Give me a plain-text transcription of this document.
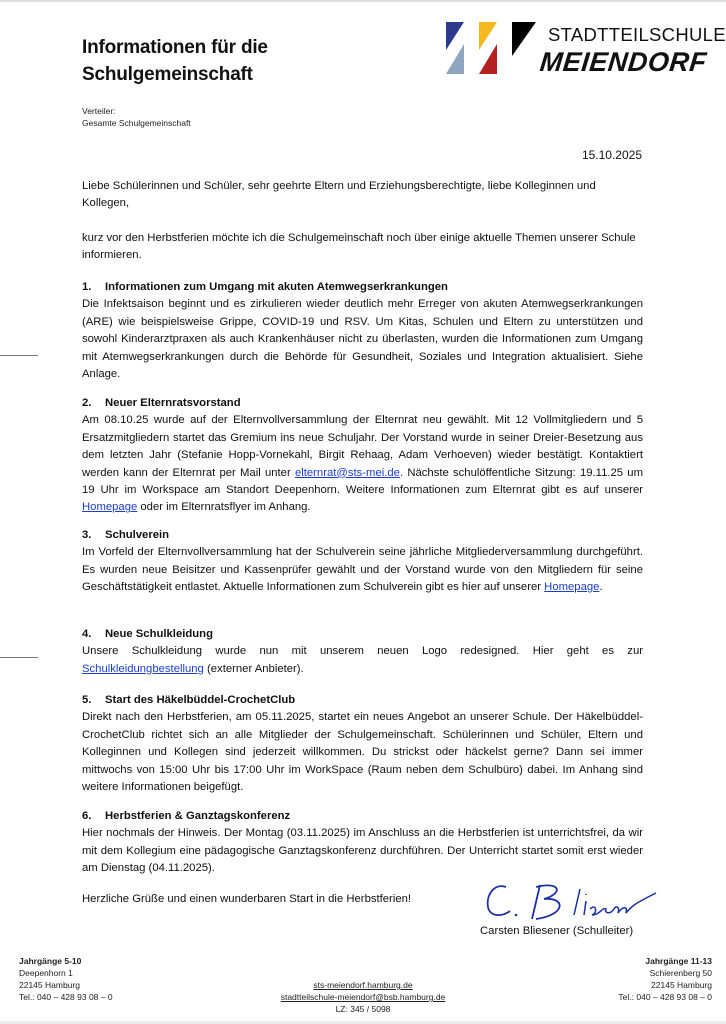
Informationen für die
Schulgemeinschaft
Verteiler:
Gesamte Schulgemeinschaft
STADTTEILSCHULE
MEIENDORF
15.10.2025
Liebe Schülerinnen und Schüler, sehr geehrte Eltern und Erziehungsberechtigte, liebe Kolleginnen und Kollegen,
kurz vor den Herbstferien möchte ich die Schulgemeinschaft noch über einige aktuelle Themen unserer Schule informieren.
1. Informationen zum Umgang mit akuten Atemwegserkrankungen
Die Infektsaison beginnt und es zirkulieren wieder deutlich mehr Erreger von akuten Atemwegserkrankungen (ARE) wie beispielsweise Grippe, COVID-19 und RSV. Um Kitas, Schulen und Eltern zu unterstützen und sowohl Kinderarztpraxen als auch Krankenhäuser nicht zu überlasten, wurden die Informationen zum Umgang mit Atemwegserkrankungen durch die Behörde für Gesundheit, Soziales und Integration aktualisiert. Siehe Anlage.
2. Neuer Elternratsvorstand
Am 08.10.25 wurde auf der Elternvollversammlung der Elternrat neu gewählt. Mit 12 Vollmitgliedern und 5 Ersatzmitgliedern startet das Gremium ins neue Schuljahr. Der Vorstand wurde in seiner Dreier-Besetzung aus dem letzten Jahr (Stefanie Hopp-Vornekahl, Birgit Rehaag, Adam Verhoeven) wieder bestätigt. Kontaktiert werden kann der Elternrat per Mail unter elternrat@sts-mei.de. Nächste schulöffentliche Sitzung: 19.11.25 um 19 Uhr im Workspace am Standort Deepenhorn. Weitere Informationen zum Elternrat gibt es auf unserer Homepage oder im Elternratsflyer im Anhang.
3. Schulverein
Im Vorfeld der Elternvollversammlung hat der Schulverein seine jährliche Mitgliederversammlung durchgeführt. Es wurden neue Beisitzer und Kassenprüfer gewählt und der Vorstand wurde von den Mitgliedern für seine Geschäftstätigkeit entlastet. Aktuelle Informationen zum Schulverein gibt es hier auf unserer Homepage.
4. Neue Schulkleidung
Unsere Schulkleidung wurde nun mit unserem neuen Logo redesigned. Hier geht es zur Schulkleidungbestellung (externer Anbieter).
5. Start des Häkelbüddel-CrochetClub
Direkt nach den Herbstferien, am 05.11.2025, startet ein neues Angebot an unserer Schule. Der Häkelbüddel-CrochetClub richtet sich an alle Mitglieder der Schulgemeinschaft. Schülerinnen und Schüler, Eltern und Kolleginnen und Kollegen sind jederzeit willkommen. Du strickst oder häckelst gerne? Dann sei immer mittwochs von 15:00 Uhr bis 17:00 Uhr im WorkSpace (Raum neben dem Schulbüro) dabei. Im Anhang sind weitere Informationen beigefügt.
6. Herbstferien & Ganztagskonferenz
Hier nochmals der Hinweis. Der Montag (03.11.2025) im Anschluss an die Herbstferien ist unterrichtsfrei, da wir mit dem Kollegium eine pädagogische Ganztagskonferenz durchführen. Der Unterricht startet somit erst wieder am Dienstag (04.11.2025).
Herzliche Grüße und einen wunderbaren Start in die Herbstferien!
Carsten Bliesener (Schulleiter)
Jahrgänge 5-10
Deepenhorn 1
22145 Hamburg
Tel.: 040 – 428 93 08 – 0
sts-meiendorf.hamburg.de
stadtteilschule-meiendorf@bsb.hamburg.de
LZ: 345 / 5098
Jahrgänge 11-13
Schierenberg 50
22145 Hamburg
Tel.: 040 – 428 93 08 – 0
